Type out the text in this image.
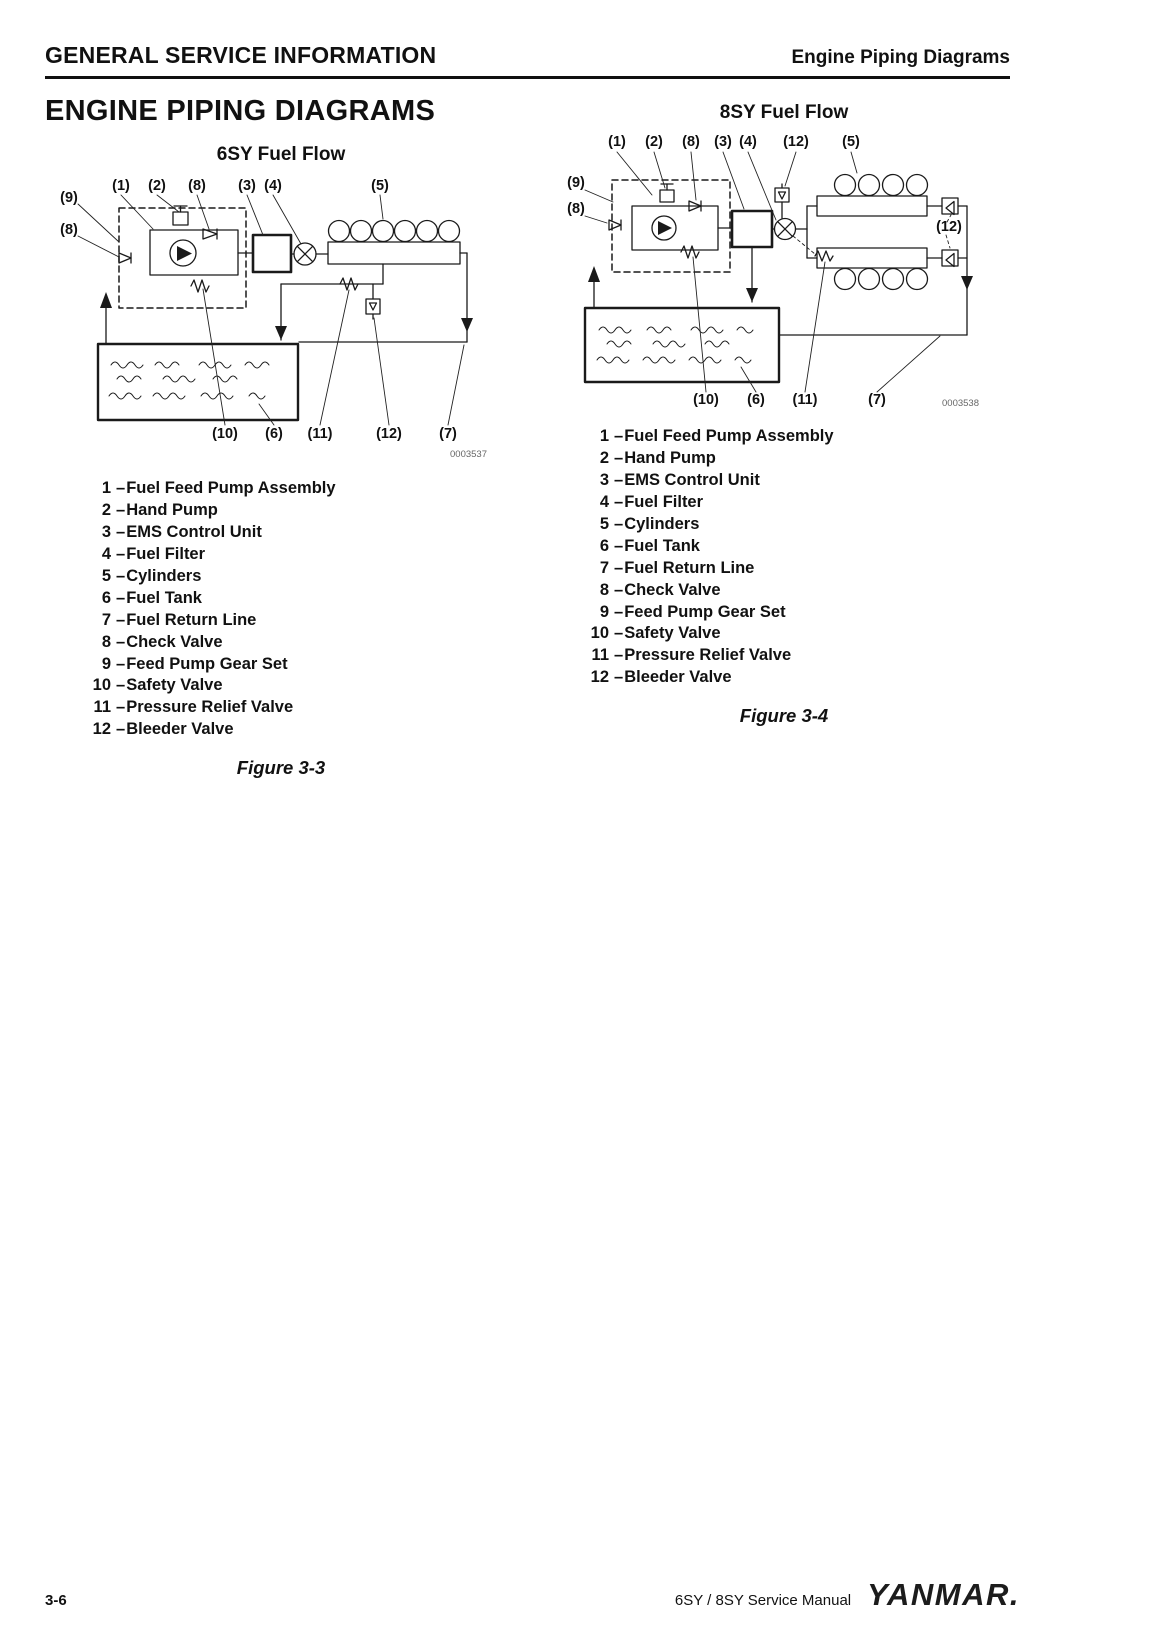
GENERAL SERVICE INFORMATION	Engine Piping Diagrams
ENGINE PIPING DIAGRAMS
6SY Fuel Flow
(1) (2) (8) (3) (4)	(5)
(9)
(8)
(10) (6) (11)	(12)	(7)
0003537
1 –Fuel Feed Pump Assembly
2 –Hand Pump
3 –EMS Control Unit
4 –Fuel Filter
5 –Cylinders
6 –Fuel Tank
7 –Fuel Return Line
8 –Check Valve
9 –Feed Pump Gear Set
10 –Safety Valve
11 –Pressure Relief Valve
12 –Bleeder Valve
Figure 3-3
8SY Fuel Flow
(1) (2) (8) (3) (4) (12) (5)
(9)
(8)
(12)
(10) (6) (11)	(7)	0003538
1 –Fuel Feed Pump Assembly
2 –Hand Pump
3 –EMS Control Unit
4 –Fuel Filter
5 –Cylinders
6 –Fuel Tank
7 –Fuel Return Line
8 –Check Valve
9 –Feed Pump Gear Set
10 –Safety Valve
11 –Pressure Relief Valve
12 –Bleeder Valve
Figure 3-4
3-6	6SY / 8SY Service Manual YANMAR.
